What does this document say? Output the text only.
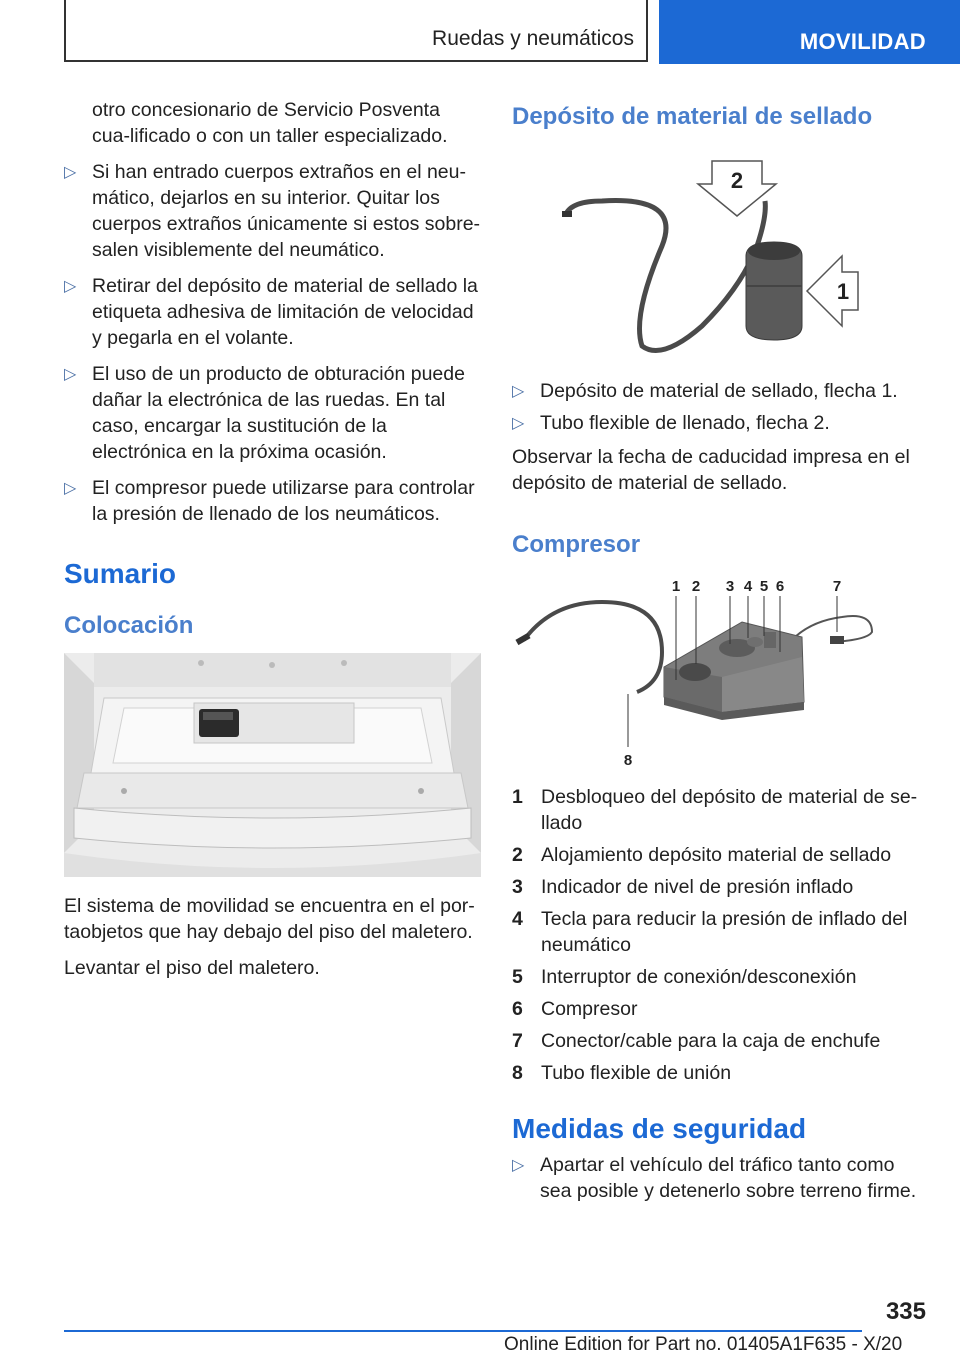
Ruedas y neumáticos	MOVILIDAD

otro concesionario de Servicio Posventa cua-lificado o con un taller especializado.

▷ Si han entrado cuerpos extraños en el neu-mático, dejarlos en su interior. Quitar los cuerpos extraños únicamente si estos sobre-salen visiblemente del neumático.
▷ Retirar del depósito de material de sellado la etiqueta adhesiva de limitación de velocidad y pegarla en el volante.
▷ El uso de un producto de obturación puede dañar la electrónica de las ruedas. En tal caso, encargar la sustitución de la electrónica en la próxima ocasión.
▷ El compresor puede utilizarse para controlar la presión de llenado de los neumáticos.
Sumario
Colocación

El sistema de movilidad se encuentra en el por-taobjetos que hay debajo del piso del maletero.

Levantar el piso del maletero.

Depósito de material de sellado
2
1
▷ Depósito de material de sellado, flecha 1.
▷ Tubo flexible de llenado, flecha 2.

Observar la fecha de caducidad impresa en el depósito de material de sellado.

Compresor
1 2 3 4 5 6	7
8
1 Desbloqueo del depósito de material de se-llado
2 Alojamiento depósito material de sellado
3 Indicador de nivel de presión inflado
4 Tecla para reducir la presión de inflado del neumático
5 Interruptor de conexión/desconexión
6 Compresor
7 Conector/cable para la caja de enchufe
8 Tubo flexible de unión
Medidas de seguridad
▷ Apartar el vehículo del tráfico tanto como sea posible y detenerlo sobre terreno firme.
335
Online Edition for Part no. 01405A1F635 - X/20
